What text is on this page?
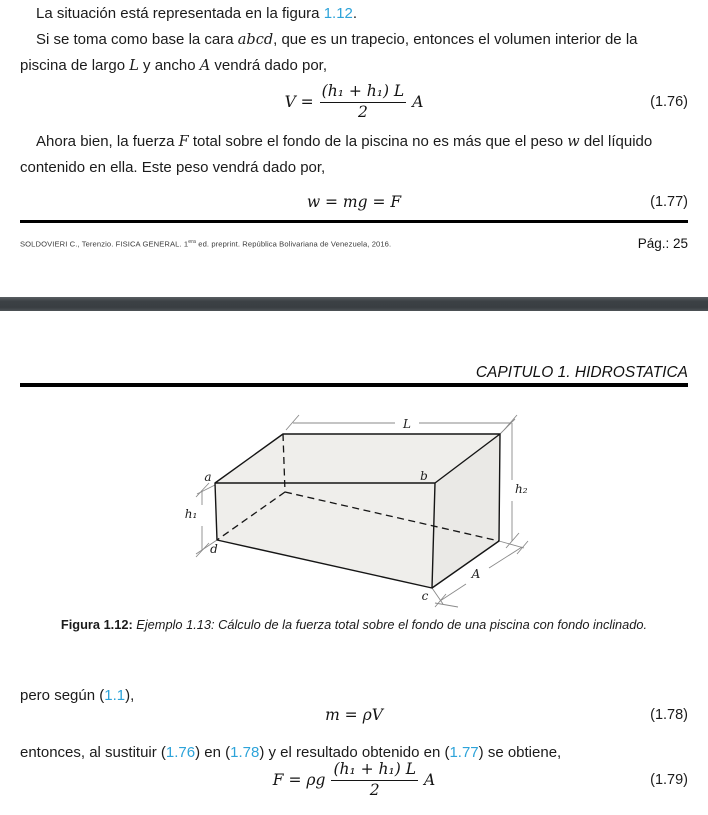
La situación está representada en la figura 1.12.
Si se toma como base la cara abcd, que es un trapecio, entonces el volumen interior de la piscina de largo L y ancho A vendrá dado por,
$V = \frac{\text{(h₁ + h₁) L}}{2}$ A	(1.76)
Ahora bien, la fuerza F total sobre el fondo de la piscina no es más que el peso w del líquido contenido en ella. Este peso vendrá dado por,
w = mg = F	(1.77)
SOLDOVIERI C., Terenzio. FISICA GENERAL. $1^{era}$ ed. preprint. República Bolivariana de Venezuela, 2016.	Pág.: 25
CAPITULO 1. HIDROSTATICA
a	b
c
d
h₁
h₂
L
A
Figura 1.12: Ejemplo 1.13: Cálculo de la fuerza total sobre el fondo de una piscina con fondo inclinado.
pero según (1.1),
m = ρV	(1.78)
entonces, al sustituir (1.76) en (1.78) y el resultado obtenido en (1.77) se obtiene,
F = ρg $\frac{\text{(h₁ + h₁) L}}{2}$ A	(1.79)
